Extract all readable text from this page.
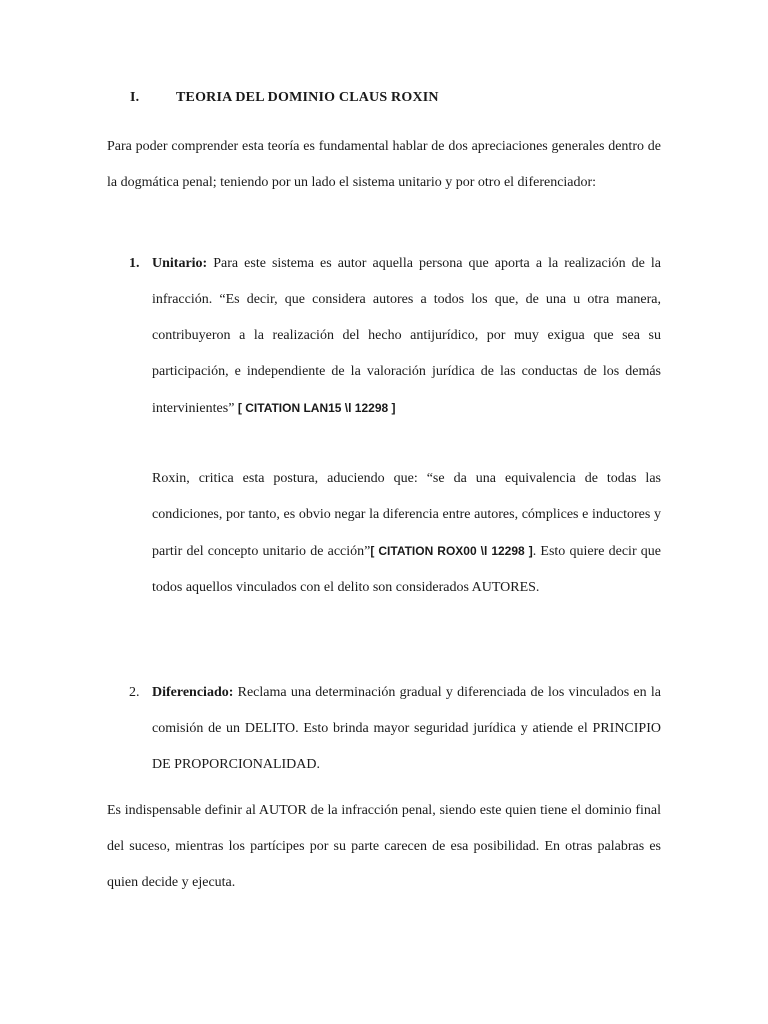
I.	TEORIA DEL DOMINIO CLAUS ROXIN
Para poder comprender esta teoría es fundamental hablar de dos apreciaciones generales dentro de la dogmática penal; teniendo por un lado el sistema unitario y por otro el diferenciador:
1. Unitario: Para este sistema es autor aquella persona que aporta a la realización de la infracción. “Es decir, que considera autores a todos los que, de una u otra manera, contribuyeron a la realización del hecho antijurídico, por muy exigua que sea su participación, e independiente de la valoración jurídica de las conductas de los demás intervinientes” [ CITATION LAN15 \l 12298 ]
Roxin, critica esta postura, aduciendo que: “se da una equivalencia de todas las condiciones, por tanto, es obvio negar la diferencia entre autores, cómplices e inductores y partir del concepto unitario de acción”[ CITATION ROX00 \l 12298 ]. Esto quiere decir que todos aquellos vinculados con el delito son considerados AUTORES.
2. Diferenciado: Reclama una determinación gradual y diferenciada de los vinculados en la comisión de un DELITO. Esto brinda mayor seguridad jurídica y atiende el PRINCIPIO DE PROPORCIONALIDAD.
Es indispensable definir al AUTOR de la infracción penal, siendo este quien tiene el dominio final del suceso, mientras los partícipes por su parte carecen de esa posibilidad. En otras palabras es quien decide y ejecuta.
